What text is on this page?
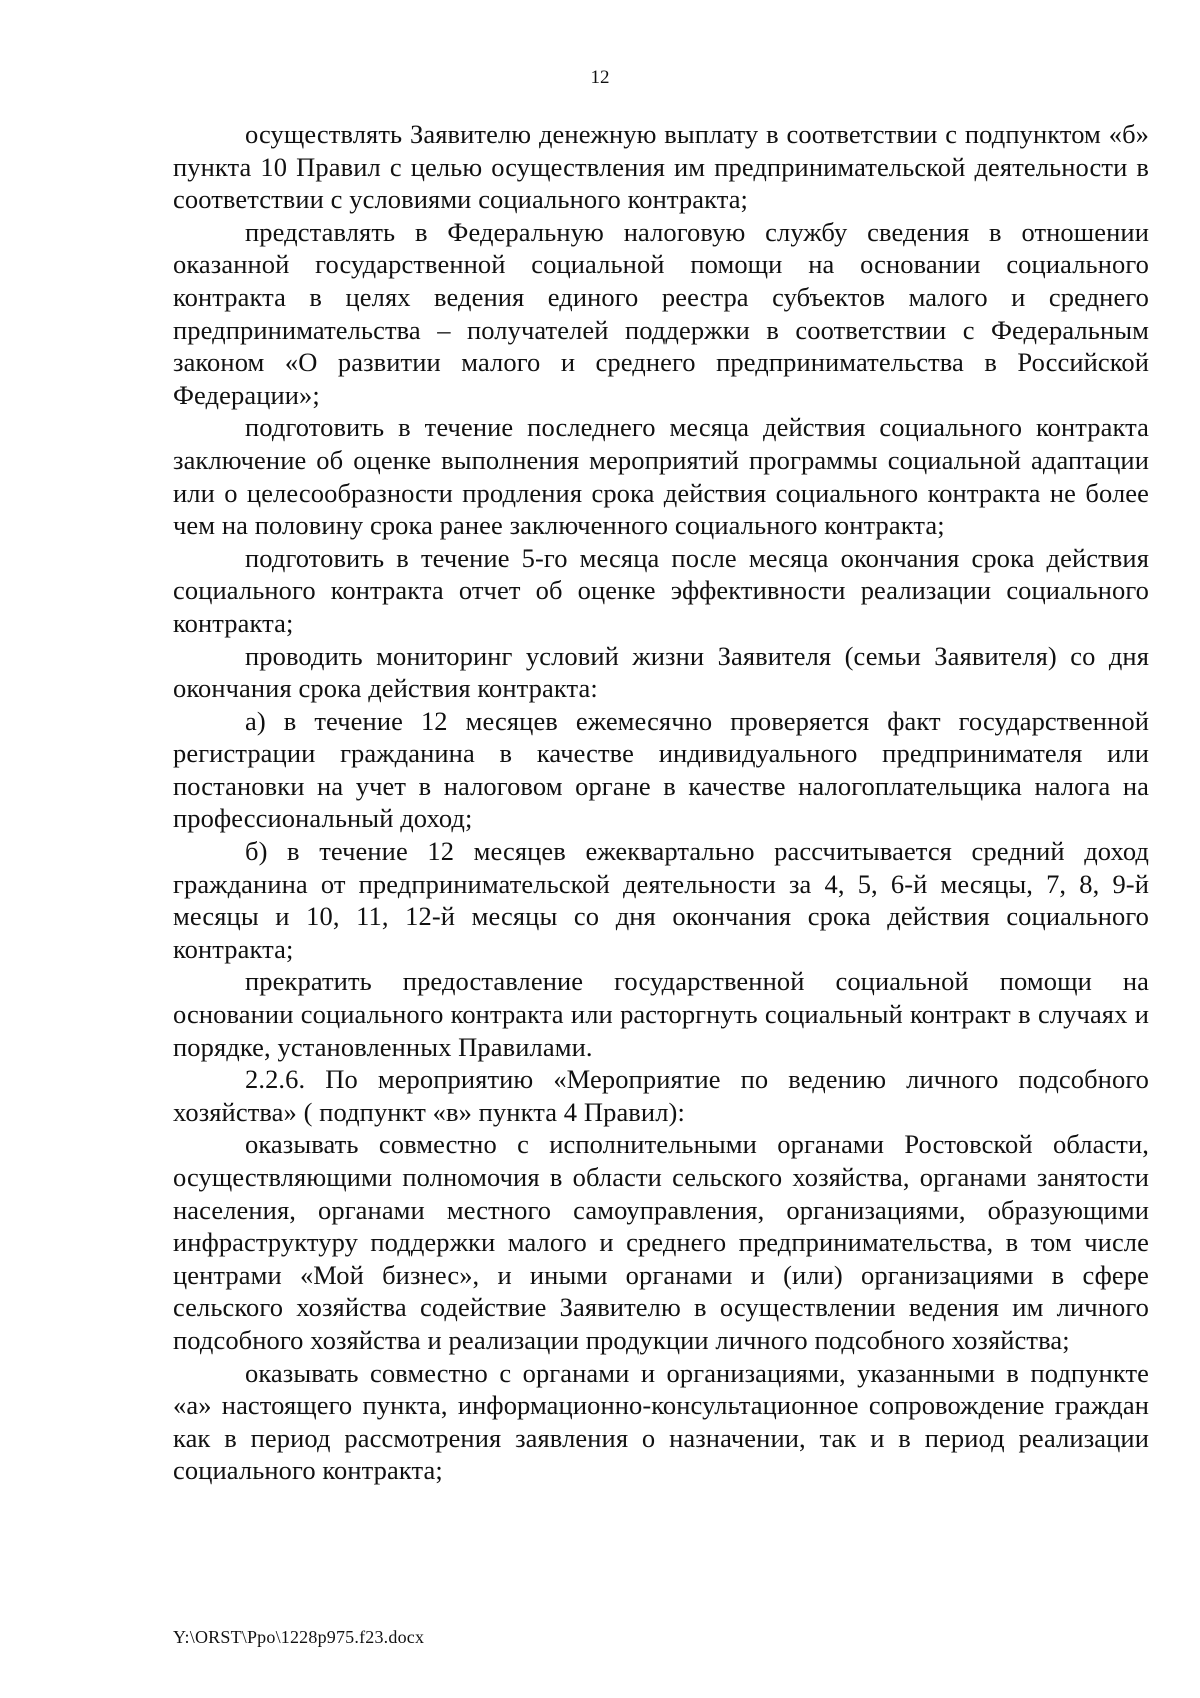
12

осуществлять Заявителю денежную выплату в соответствии с подпунктом «б» пункта 10 Правил с целью осуществления им предпринимательской деятельности в соответствии с условиями социального контракта;

представлять в Федеральную налоговую службу сведения в отношении оказанной государственной социальной помощи на основании социального контракта в целях ведения единого реестра субъектов малого и среднего предпринимательства – получателей поддержки в соответствии с Федеральным законом «О развитии малого и среднего предпринимательства в Российской Федерации»;

подготовить в течение последнего месяца действия социального контракта заключение об оценке выполнения мероприятий программы социальной адаптации или о целесообразности продления срока действия социального контракта не более чем на половину срока ранее заключенного социального контракта;

подготовить в течение 5-го месяца после месяца окончания срока действия социального контракта отчет об оценке эффективности реализации социального контракта;

проводить мониторинг условий жизни Заявителя (семьи Заявителя) со дня окончания срока действия контракта:

а) в течение 12 месяцев ежемесячно проверяется факт государственной регистрации гражданина в качестве индивидуального предпринимателя или постановки на учет в налоговом органе в качестве налогоплательщика налога на профессиональный доход;

б) в течение 12 месяцев ежеквартально рассчитывается средний доход гражданина от предпринимательской деятельности за 4, 5, 6-й месяцы, 7, 8, 9-й месяцы и 10, 11, 12-й месяцы со дня окончания срока действия социального контракта;

прекратить предоставление государственной социальной помощи на основании социального контракта или расторгнуть социальный контракт в случаях и порядке, установленных Правилами.

2.2.6. По мероприятию «Мероприятие по ведению личного подсобного хозяйства» ( подпункт «в» пункта 4 Правил):

оказывать совместно с исполнительными органами Ростовской области, осуществляющими полномочия в области сельского хозяйства, органами занятости населения, органами местного самоуправления, организациями, образующими инфраструктуру поддержки малого и среднего предпринимательства, в том числе центрами «Мой бизнес», и иными органами и (или) организациями в сфере сельского хозяйства содействие Заявителю в осуществлении ведения им личного подсобного хозяйства и реализации продукции личного подсобного хозяйства;

оказывать совместно с органами и организациями, указанными в подпункте «а» настоящего пункта, информационно-консультационное сопровождение граждан как в период рассмотрения заявления о назначении, так и в период реализации социального контракта;

Y:\ORST\Ppo\1228p975.f23.docx
